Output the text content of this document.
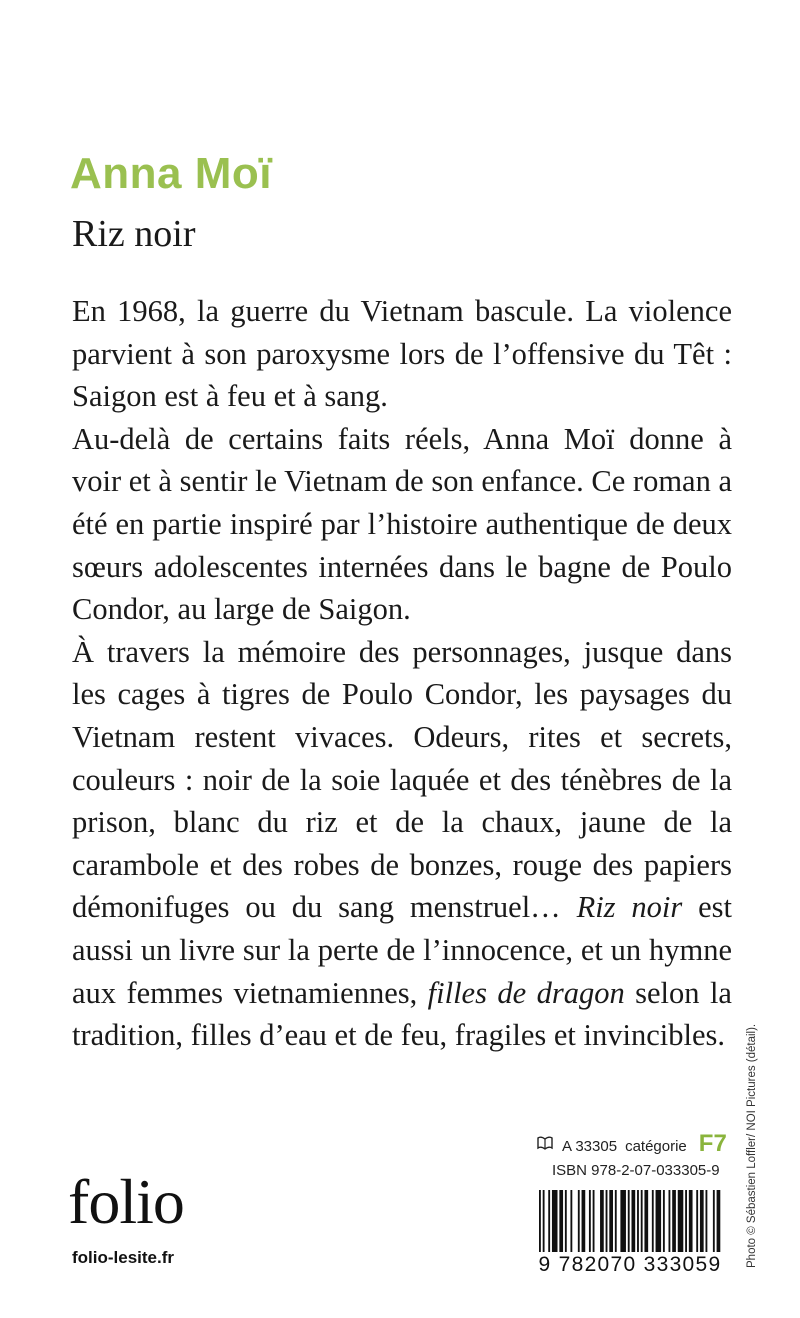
Anna Moï
Riz noir

En 1968, la guerre du Vietnam bascule. La violence parvient à son paroxysme lors de l’offensive du Têt : Saigon est à feu et à sang.

Au-delà de certains faits réels, Anna Moï donne à voir et à sentir le Vietnam de son enfance. Ce roman a été en partie inspiré par l’histoire authentique de deux sœurs adolescentes internées dans le bagne de Poulo Condor, au large de Saigon.

À travers la mémoire des personnages, jusque dans les cages à tigres de Poulo Condor, les paysages du Vietnam restent vivaces. Odeurs, rites et secrets, couleurs : noir de la soie laquée et des ténèbres de la prison, blanc du riz et de la chaux, jaune de la carambole et des robes de bonzes, rouge des papiers démonifuges ou du sang menstruel… Riz noir est aussi un livre sur la perte de l’innocence, et un hymne aux femmes vietnamiennes, filles de dragon selon la tradition, filles d’eau et de feu, fragiles et invincibles.	Photo © Sébastien Loffler/ NOI Pictures (détail).
A 33305 catégorie F7
ISBN 978-2-07-033305-9
9 782070 333059
folio
folio-lesite.fr
